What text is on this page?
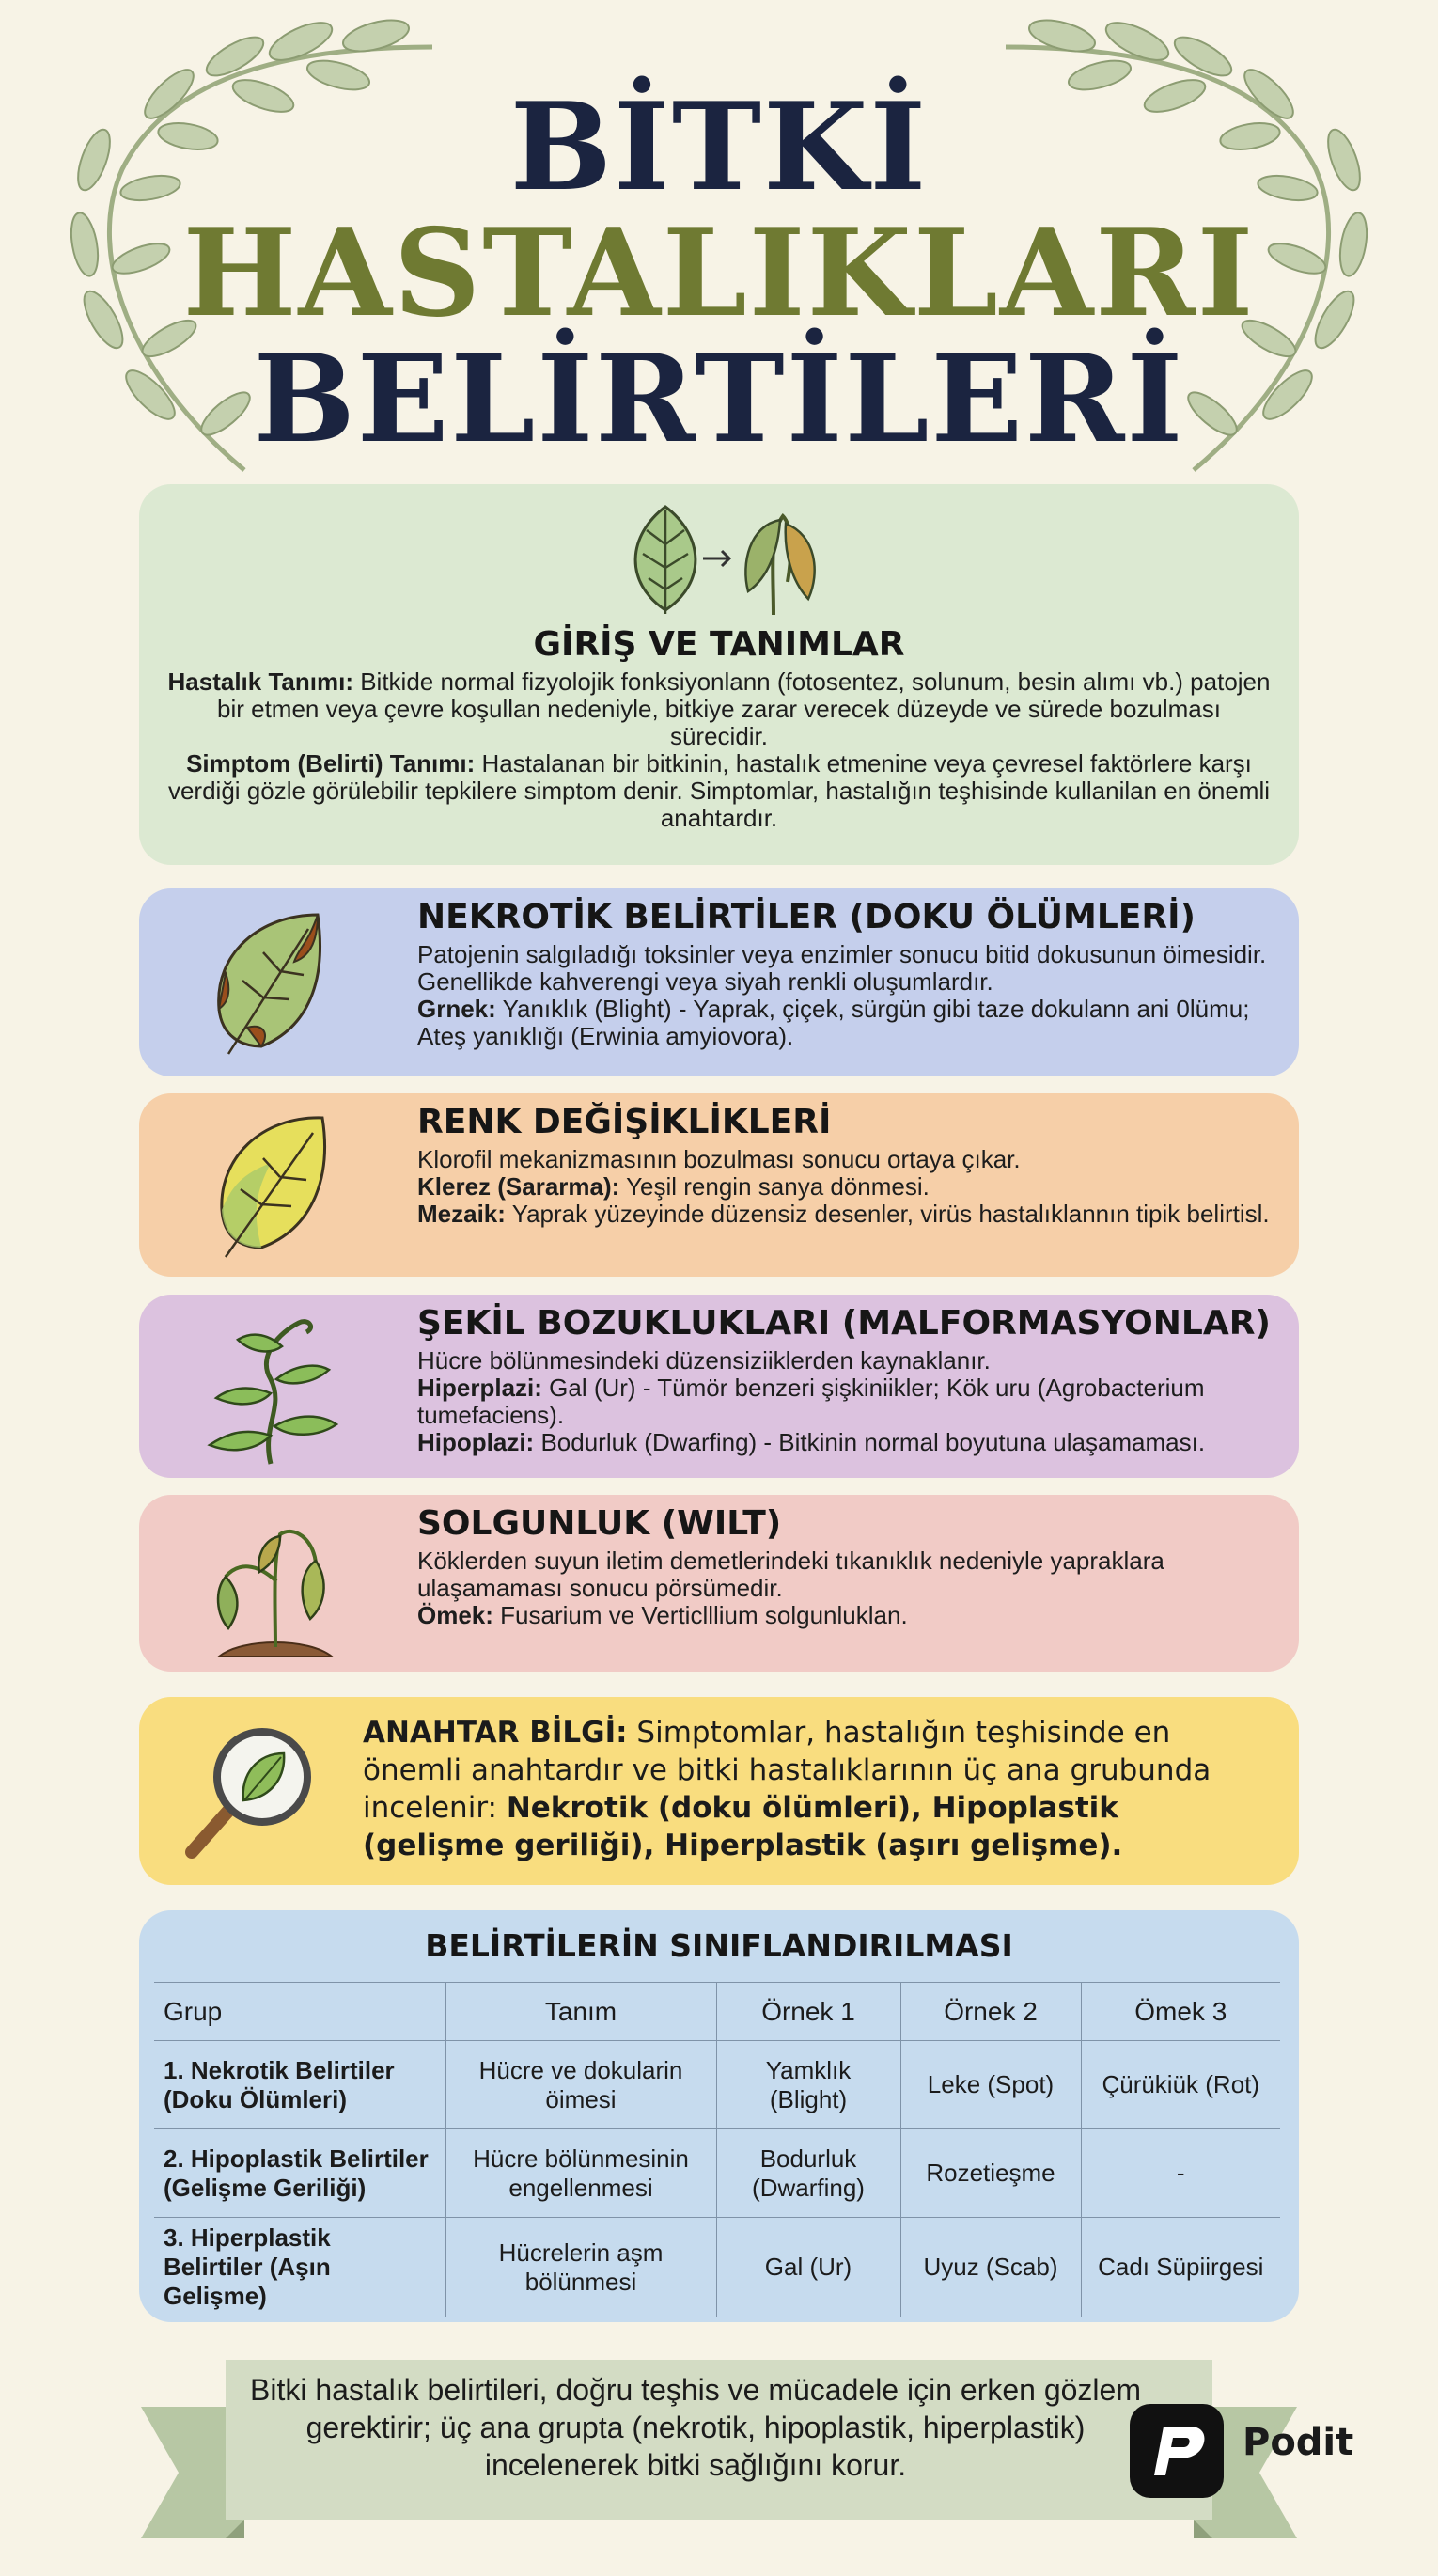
BİTKİ
HASTALIKLARI
BELİRTİLERİ
GİRİŞ VE TANIMLAR
Hastalık Tanımı: Bitkide normal fizyolojik fonksiyonlann (fotosentez, solunum, besin alımı vb.) patojen bir etmen veya çevre koşullan nedeniyle, bitkiye zarar verecek düzeyde ve sürede bozulması sürecidir.
Simptom (Belirti) Tanımı: Hastalanan bir bitkinin, hastalık etmenine veya çevresel faktörlere karşı verdiği gözle görülebilir tepkilere simptom denir. Simptomlar, hastalığın teşhisinde kullanilan en önemli anahtardır.
NEKROTİK BELİRTİLER (DOKU ÖLÜMLERİ)
Patojenin salgıladığı toksinler veya enzimler sonucu bitid dokusunun öimesidir. Genellikde kahverengi veya siyah renkli oluşumlardır.
Grnek: Yanıklık (Blight) - Yaprak, çiçek, sürgün gibi taze dokulann ani 0lümu; Ateş yanıklığı (Erwinia amyiovora).
RENK DEĞİŞİKLİKLERİ
Klorofil mekanizmasının bozulması sonucu ortaya çıkar.
Klerez (Sararma): Yeşil rengin sanya dönmesi.
Mezaik: Yaprak yüzeyinde düzensiz desenler, virüs hastalıklannın tipik belirtisl.
ŞEKİL BOZUKLUKLARI (MALFORMASYONLAR)
Hücre bölünmesindeki düzensiziiklerden kaynaklanır.
Hiperplazi: Gal (Ur) - Tümör benzeri şişkiniikler; Kök uru (Agrobacterium tumefaciens).
Hipoplazi: Bodurluk (Dwarfing) - Bitkinin normal boyutuna ulaşamaması.
SOLGUNLUK (WILT)
Köklerden suyun iletim demetlerindeki tıkanıklık nedeniyle yapraklara ulaşamaması sonucu pörsümedir.
Ömek: Fusarium ve Verticlllium solgunluklan.
ANAHTAR BİLGİ: Simptomlar, hastalığın teşhisinde en önemli anahtardır ve bitki hastalıklarının üç ana grubunda incelenir: Nekrotik (doku ölümleri), Hipoplastik (gelişme geriliği), Hiperplastik (aşırı gelişme).
BELİRTİLERİN SINIFLANDIRILMASI
Grup	Tanım	Örnek 1	Örnek 2	Ömek 3
1. Nekrotik Belirtiler (Doku Ölümleri)	Hücre ve dokularin öimesi	Yamklık (Blight)	Leke (Spot)	Çürükiük (Rot)
2. Hipoplastik Belirtiler (Gelişme Geriliği)	Hücre bölünmesinin engellenmesi	Bodurluk (Dwarfing)	Rozetieşme	-
3. Hiperplastik Belirtiler (Aşın Gelişme)	Hücrelerin aşm bölünmesi	Gal (Ur)	Uyuz (Scab)	Cadı Süpiirgesi
Bitki hastalık belirtileri, doğru teşhis ve mücadele için erken gözlem gerektirir; üç ana grupta (nekrotik, hipoplastik, hiperplastik) incelenerek bitki sağlığını korur.
Podit
